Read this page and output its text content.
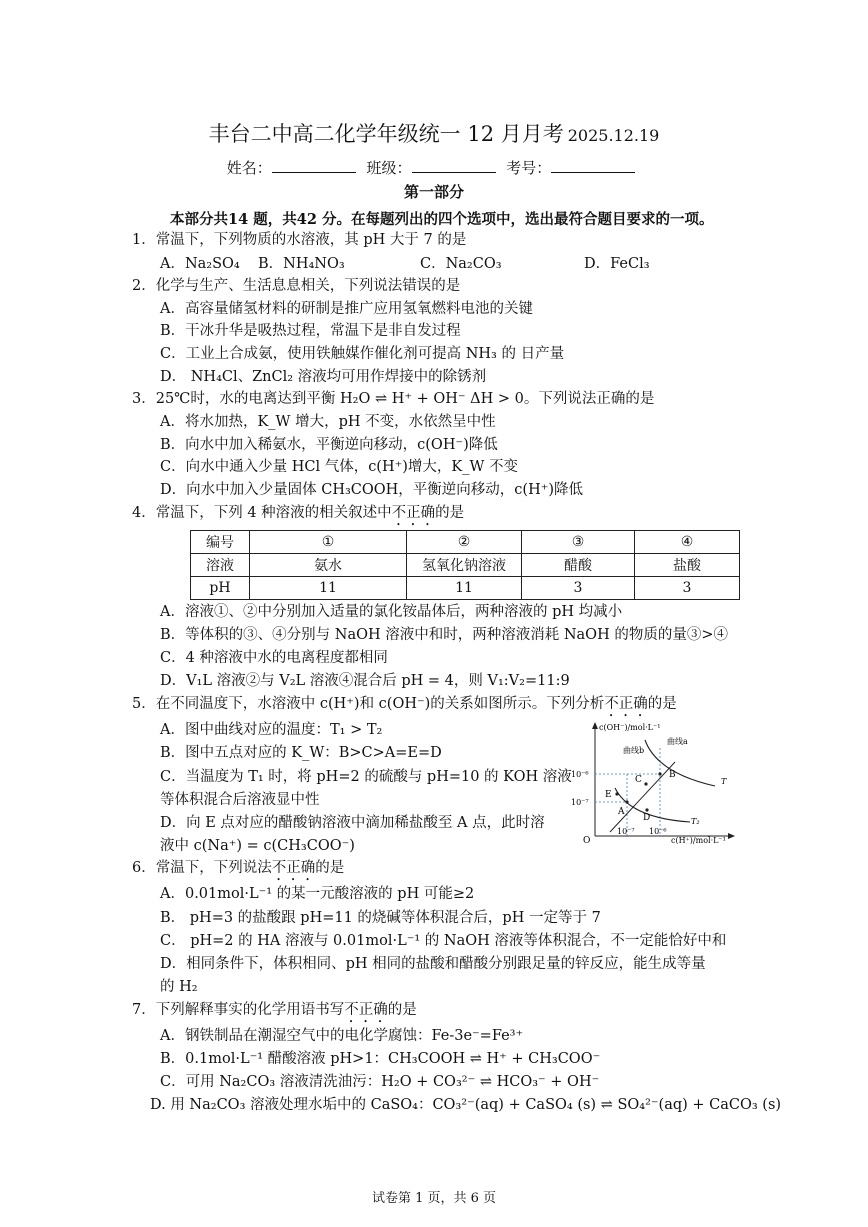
丰台二中高二化学年级统一 12 月月考 2025.12.19
姓名：	班级：	考号：
第一部分
本部分共14 题，共42 分。在每题列出的四个选项中，选出最符合题目要求的一项。
1．常温下，下列物质的水溶液，其 pH 大于 7 的是
A．Na₂SO₄ B．NH₄NO₃	C．Na₂CO₃	D．FeCl₃
2．化学与生产、生活息息相关，下列说法错误的是
A．高容量储氢材料的研制是推广应用氢氧燃料电池的关键
B．干冰升华是吸热过程，常温下是非自发过程
C．工业上合成氨，使用铁触媒作催化剂可提高 NH₃ 的 日产量
D． NH₄Cl、ZnCl₂ 溶液均可用作焊接中的除锈剂
3．25℃时，水的电离达到平衡 H₂O ⇌ H⁺ + OH⁻ ΔH > 0。下列说法正确的是
A．将水加热，K_W 增大，pH 不变，水依然呈中性
B．向水中加入稀氨水，平衡逆向移动，c(OH⁻)降低
C．向水中通入少量 HCl 气体，c(H⁺)增大，K_W 不变
D．向水中加入少量固体 CH₃COOH，平衡逆向移动，c(H⁺)降低
4．常温下，下列 4 种溶液的相关叙述中不正确的是
编号	①	②	③	④
溶液	氨水	氢氧化钠溶液	醋酸	盐酸
pH	11	11	3	3
A．溶液①、②中分别加入适量的氯化铵晶体后，两种溶液的 pH 均减小
B．等体积的③、④分别与 NaOH 溶液中和时，两种溶液消耗 NaOH 的物质的量③>④
C．4 种溶液中水的电离程度都相同
D．V₁L 溶液②与 V₂L 溶液④混合后 pH = 4，则 V₁:V₂=11:9
5．在不同温度下，水溶液中 c(H⁺)和 c(OH⁻)的关系如图所示。下列分析不正确的是
A．图中曲线对应的温度：T₁ > T₂
B．图中五点对应的 K_W：B>C>A=E=D
C．当温度为 T₁ 时，将 pH=2 的硫酸与 pH=10 的 KOH 溶液
等体积混合后溶液显中性
D．向 E 点对应的醋酸钠溶液中滴加稀盐酸至 A 点，此时溶
液中 c(Na⁺) = c(CH₃COO⁻)
c(OH⁻)/mol·L⁻¹
c(H⁺)/mol·L⁻¹
O
曲线b
曲线a
10⁻⁶
10⁻⁷
10⁻⁷ 10⁻⁶
T
T₂
A
B
C
D
E
6．常温下，下列说法不正确的是
A．0.01mol·L⁻¹ 的某一元酸溶液的 pH 可能≥2
B． pH=3 的盐酸跟 pH=11 的烧碱等体积混合后，pH 一定等于 7
C． pH=2 的 HA 溶液与 0.01mol·L⁻¹ 的 NaOH 溶液等体积混合，不一定能恰好中和
D．相同条件下，体积相同、pH 相同的盐酸和醋酸分别跟足量的锌反应，能生成等量
的 H₂
7．下列解释事实的化学用语书写不正确的是
A．钢铁制品在潮湿空气中的电化学腐蚀：Fe-3e⁻=Fe³⁺
B．0.1mol·L⁻¹ 醋酸溶液 pH>1：CH₃COOH ⇌ H⁺ + CH₃COO⁻
C．可用 Na₂CO₃ 溶液清洗油污：H₂O + CO₃²⁻ ⇌ HCO₃⁻ + OH⁻
D. 用 Na₂CO₃ 溶液处理水垢中的 CaSO₄：CO₃²⁻(aq) + CaSO₄ (s) ⇌ SO₄²⁻(aq) + CaCO₃ (s)
试卷第 1 页，共 6 页
